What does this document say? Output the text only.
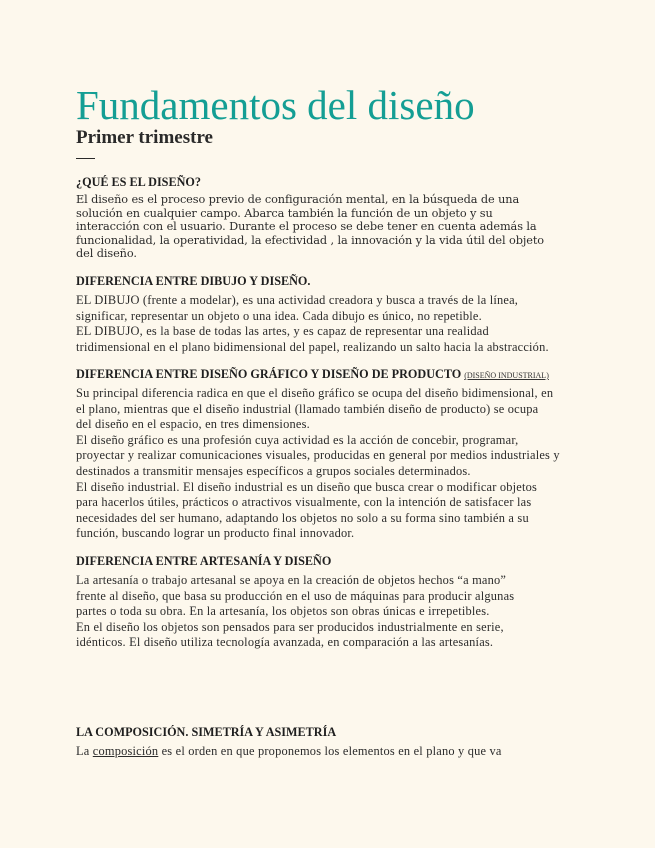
Fundamentos del diseño
Primer trimestre
¿QUÉ ES EL DISEÑO?
El diseño es el proceso previo de configuración mental, en la búsqueda de una
solución en cualquier campo. Abarca también la función de un objeto y su
interacción con el usuario. Durante el proceso se debe tener en cuenta además la
funcionalidad, la operatividad, la efectividad , la innovación y la vida útil del objeto
del diseño.
DIFERENCIA ENTRE DIBUJO Y DISEÑO.
EL DIBUJO (frente a modelar), es una actividad creadora y busca a través de la línea,
significar, representar un objeto o una idea. Cada dibujo es único, no repetible.
EL DIBUJO, es la base de todas las artes, y es capaz de representar una realidad
tridimensional en el plano bidimensional del papel, realizando un salto hacia la abstracción.
DIFERENCIA ENTRE DISEÑO GRÁFICO Y DISEÑO DE PRODUCTO (DISEÑO INDUSTRIAL)
Su principal diferencia radica en que el diseño gráfico se ocupa del diseño bidimensional, en
el plano, mientras que el diseño industrial (llamado también diseño de producto) se ocupa
del diseño en el espacio, en tres dimensiones.
El diseño gráfico es una profesión cuya actividad es la acción de concebir, programar,
proyectar y realizar comunicaciones visuales, producidas en general por medios industriales y
destinados a transmitir mensajes específicos a grupos sociales determinados.
El diseño industrial. El diseño industrial es un diseño que busca crear o modificar objetos
para hacerlos útiles, prácticos o atractivos visualmente, con la intención de satisfacer las
necesidades del ser humano, adaptando los objetos no solo a su forma sino también a su
función, buscando lograr un producto final innovador.
DIFERENCIA ENTRE ARTESANÍA Y DISEÑO
La artesanía o trabajo artesanal se apoya en la creación de objetos hechos “a mano”
frente al diseño, que basa su producción en el uso de máquinas para producir algunas
partes o toda su obra. En la artesanía, los objetos son obras únicas e irrepetibles.
En el diseño los objetos son pensados para ser producidos industrialmente en serie,
idénticos. El diseño utiliza tecnología avanzada, en comparación a las artesanías.
LA COMPOSICIÓN. SIMETRÍA Y ASIMETRÍA
La composición es el orden en que proponemos los elementos en el plano y que va
